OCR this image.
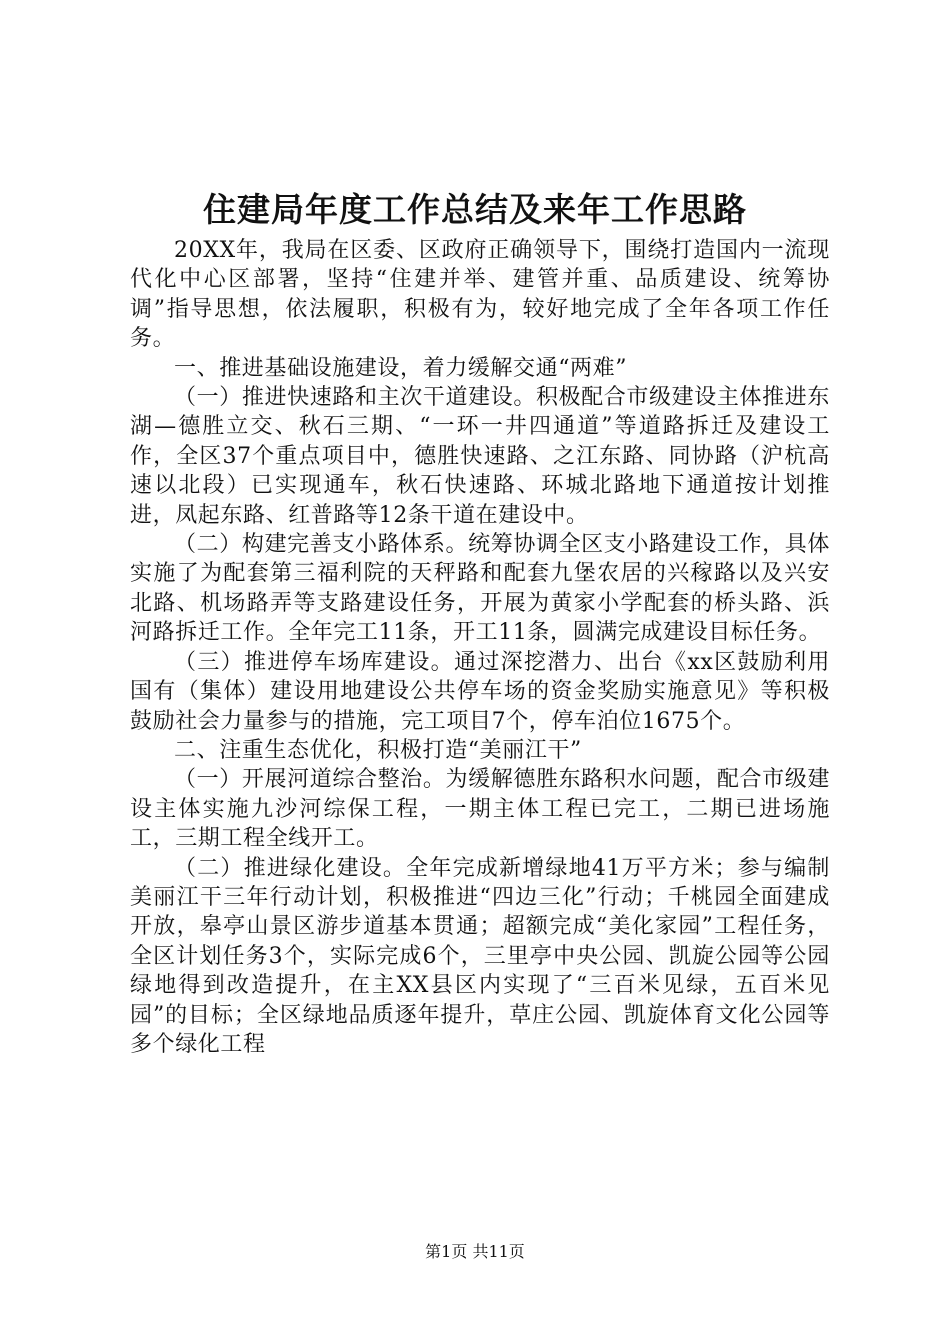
住建局年度工作总结及来年工作思路

20XX年，我局在区委、区政府正确领导下，围绕打造国内一流现代化中心区部署，坚持“住建并举、建管并重、品质建设、统筹协调”指导思想，依法履职，积极有为，较好地完成了全年各项工作任务。

一、推进基础设施建设，着力缓解交通“两难”

（一）推进快速路和主次干道建设。积极配合市级建设主体推进东湖—德胜立交、秋石三期、“一环一井四通道”等道路拆迁及建设工作，全区37个重点项目中，德胜快速路、之江东路、同协路（沪杭高速以北段）已实现通车，秋石快速路、环城北路地下通道按计划推进，凤起东路、红普路等12条干道在建设中。

（二）构建完善支小路体系。统筹协调全区支小路建设工作，具体实施了为配套第三福利院的天秤路和配套九堡农居的兴稼路以及兴安北路、机场路弄等支路建设任务，开展为黄家小学配套的桥头路、浜河路拆迁工作。全年完工11条，开工11条，圆满完成建设目标任务。

（三）推进停车场库建设。通过深挖潜力、出台《xx区鼓励利用国有（集体）建设用地建设公共停车场的资金奖励实施意见》等积极鼓励社会力量参与的措施，完工项目7个，停车泊位1675个。

二、注重生态优化，积极打造“美丽江干”

（一）开展河道综合整治。为缓解德胜东路积水问题，配合市级建设主体实施九沙河综保工程，一期主体工程已完工，二期已进场施工，三期工程全线开工。

（二）推进绿化建设。全年完成新增绿地41万平方米；参与编制美丽江干三年行动计划，积极推进“四边三化”行动；千桃园全面建成开放，皋亭山景区游步道基本贯通；超额完成“美化家园”工程任务，全区计划任务3个，实际完成6个，三里亭中央公园、凯旋公园等公园绿地得到改造提升，在主XX县区内实现了“三百米见绿，五百米见园”的目标；全区绿地品质逐年提升，草庄公园、凯旋体育文化公园等多个绿化工程

第1页 共11页
